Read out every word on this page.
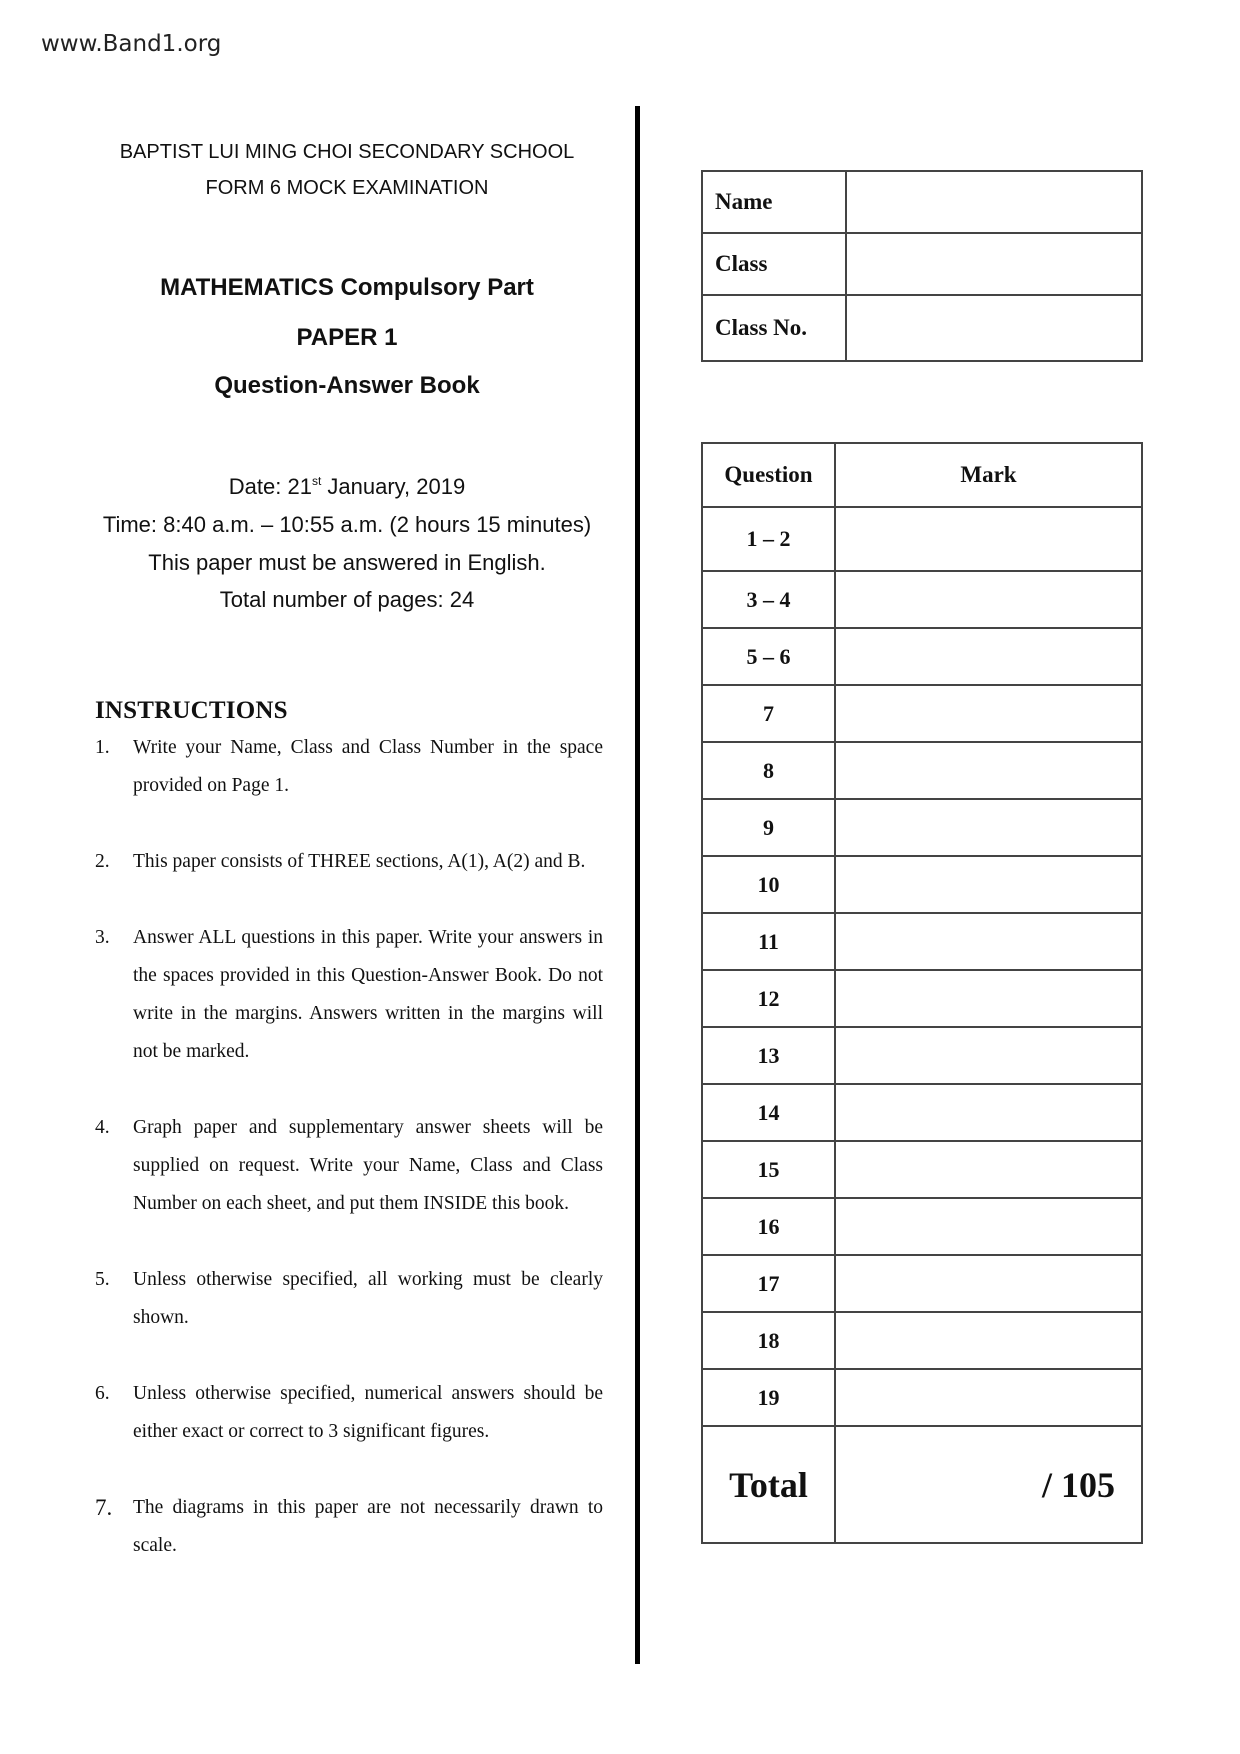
www.Band1.org
BAPTIST LUI MING CHOI SECONDARY SCHOOL
FORM 6 MOCK EXAMINATION
MATHEMATICS Compulsory Part
PAPER 1
Question-Answer Book
Date: 21st January, 2019
Time: 8:40 a.m. – 10:55 a.m. (2 hours 15 minutes)
This paper must be answered in English.
Total number of pages: 24
INSTRUCTIONS
1. Write your Name, Class and Class Number in the space provided on Page 1.
2. This paper consists of THREE sections, A(1), A(2) and B.
3. Answer ALL questions in this paper. Write your answers in the spaces provided in this Question-Answer Book. Do not write in the margins. Answers written in the margins will not be marked.
4. Graph paper and supplementary answer sheets will be supplied on request. Write your Name, Class and Class Number on each sheet, and put them INSIDE this book.
5. Unless otherwise specified, all working must be clearly shown.
6. Unless otherwise specified, numerical answers should be either exact or correct to 3 significant figures.
7. The diagrams in this paper are not necessarily drawn to scale.
Name	
Class	
Class No.	
Question	Mark
1 – 2	
3 – 4	
5 – 6	
7	
8	
9	
10	
11	
12	
13	
14	
15	
16	
17	
18	
19	
Total	/ 105
